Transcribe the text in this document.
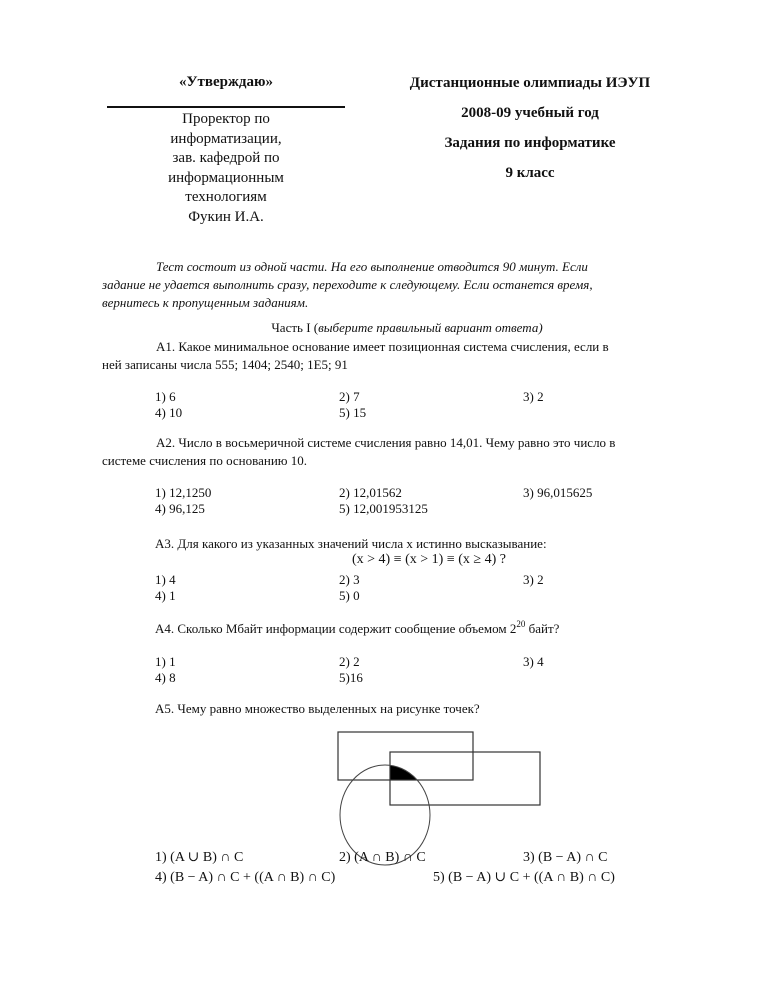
«Утверждаю»
Проректор по
информатизации,
зав. кафедрой по
информационным
технологиям
Фукин И.А.
Дистанционные олимпиады ИЭУП
2008-09 учебный год
Задания по информатике
9 класс
Тест состоит из одной части. На его выполнение отводится 90 минут. Если
задание не удается выполнить сразу, переходите к следующему. Если останется время,
вернитесь к пропущенным заданиям.
Часть I (выберите правильный вариант ответа)
А1. Какое минимальное основание имеет позиционная система счисления, если в
ней записаны числа 555; 1404; 2540; 1Е5; 91
1) 6	2) 7	3) 2
4) 10	5) 15
А2. Число в восьмеричной системе счисления равно 14,01. Чему равно это число в
системе счисления по основанию 10.
1) 12,1250	2) 12,01562	3) 96,015625
4) 96,125	5) 12,001953125
А3. Для какого из указанных значений числа х истинно высказывание:
(x > 4) ≡ (x > 1) ≡ (x ≥ 4) ?
1) 4	2) 3	3) 2
4) 1	5) 0
А4. Сколько Мбайт информации содержит сообщение объемом $2^{20}$ байт?
1) 1	2) 2	3) 4
4) 8	5)16
А5. Чему равно множество выделенных на рисунке точек?
1) (A ∪ B) ∩ C	2) (A ∩ B) ∩ C	3) (B − A) ∩ C
4) (B − A) ∩ C + ((A ∩ B) ∩ C)	5) (B − A) ∪ C + ((A ∩ B) ∩ C)
